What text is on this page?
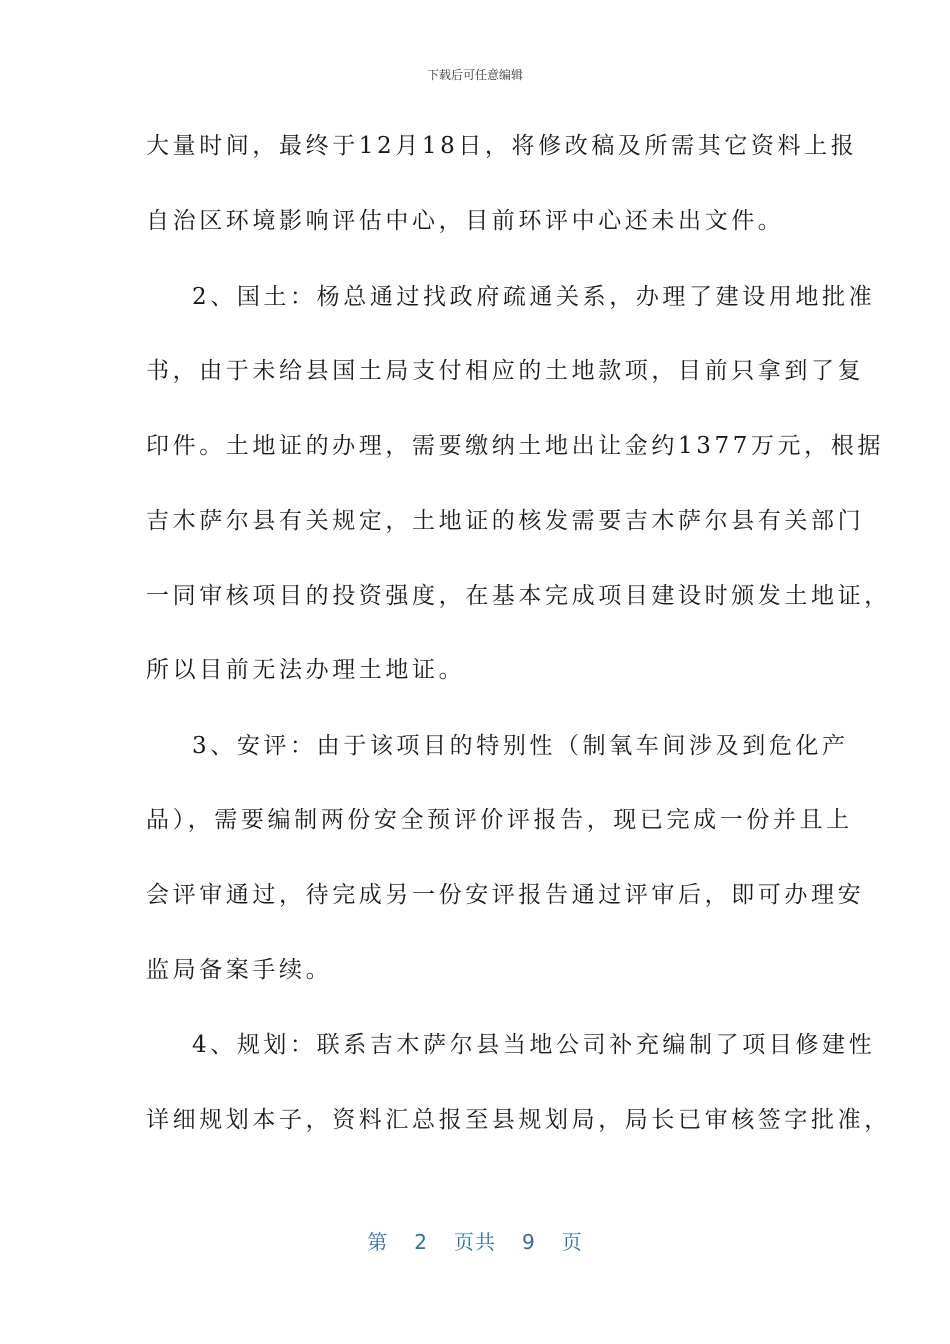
下载后可任意编辑
大量时间，最终于12月18日，将修改稿及所需其它资料上报
自治区环境影响评估中心，目前环评中心还未出文件。
2、国土：杨总通过找政府疏通关系，办理了建设用地批准
书，由于未给县国土局支付相应的土地款项，目前只拿到了复
印件。土地证的办理，需要缴纳土地出让金约1377万元，根据
吉木萨尔县有关规定，土地证的核发需要吉木萨尔县有关部门
一同审核项目的投资强度，在基本完成项目建设时颁发土地证，
所以目前无法办理土地证。
3、安评：由于该项目的特别性（制氧车间涉及到危化产
品），需要编制两份安全预评价评报告，现已完成一份并且上
会评审通过，待完成另一份安评报告通过评审后，即可办理安
监局备案手续。
4、规划：联系吉木萨尔县当地公司补充编制了项目修建性
详细规划本子，资料汇总报至县规划局，局长已审核签字批准，
第 2 页共 9 页
